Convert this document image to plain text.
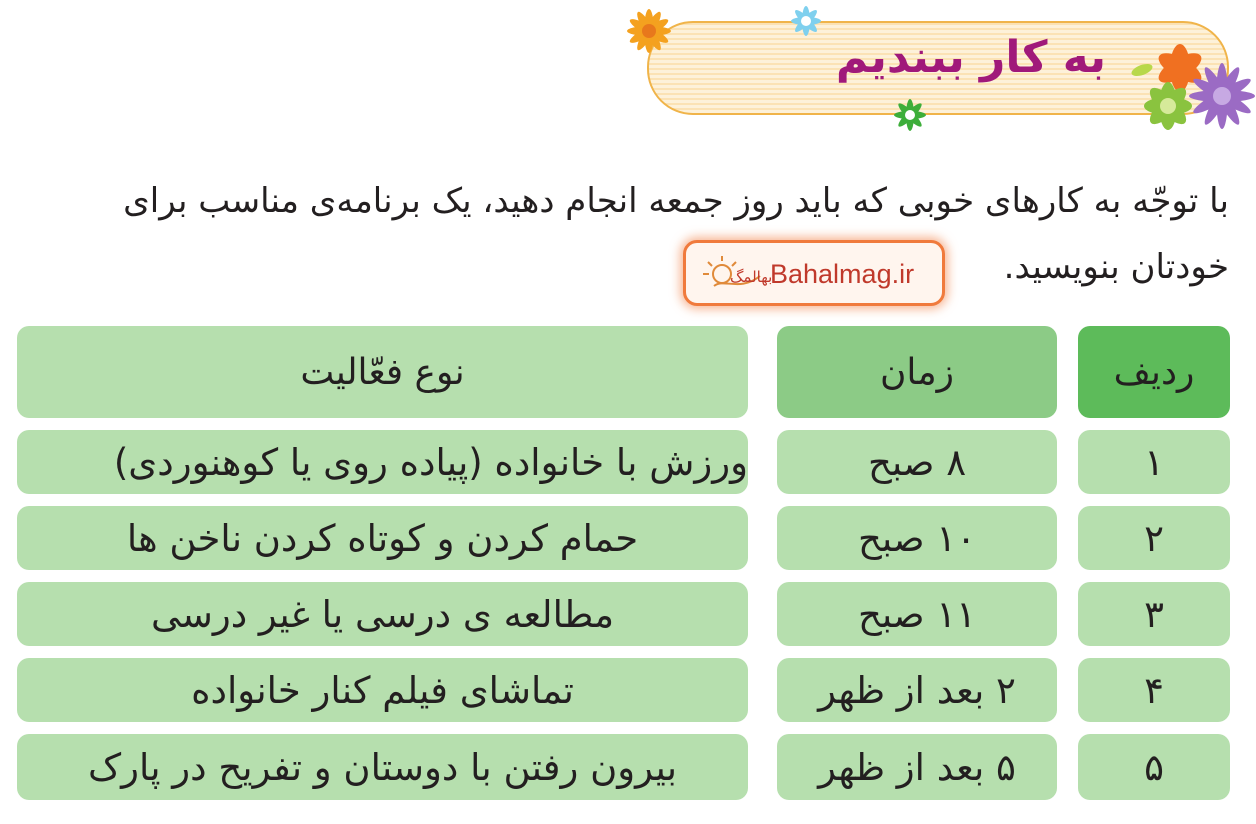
به کار ببندیم
با توجّه به کارهای خوبی که باید روز جمعه انجام دهید، یک برنامه‌ی مناسب برای خودتان بنویسید.
بهالمگ
Bahalmag.ir
ردیف
زمان
نوع فعّالیت
۱
۸ صبح
ورزش با خانواده (پیاده روی یا کوهنوردی)
۲
۱۰ صبح
حمام کردن و کوتاه کردن ناخن ها
۳
۱۱ صبح
مطالعه ی درسی یا غیر درسی
۴
۲ بعد از ظهر
تماشای فیلم کنار خانواده
۵
۵ بعد از ظهر
بیرون رفتن با دوستان و تفریح در پارک
